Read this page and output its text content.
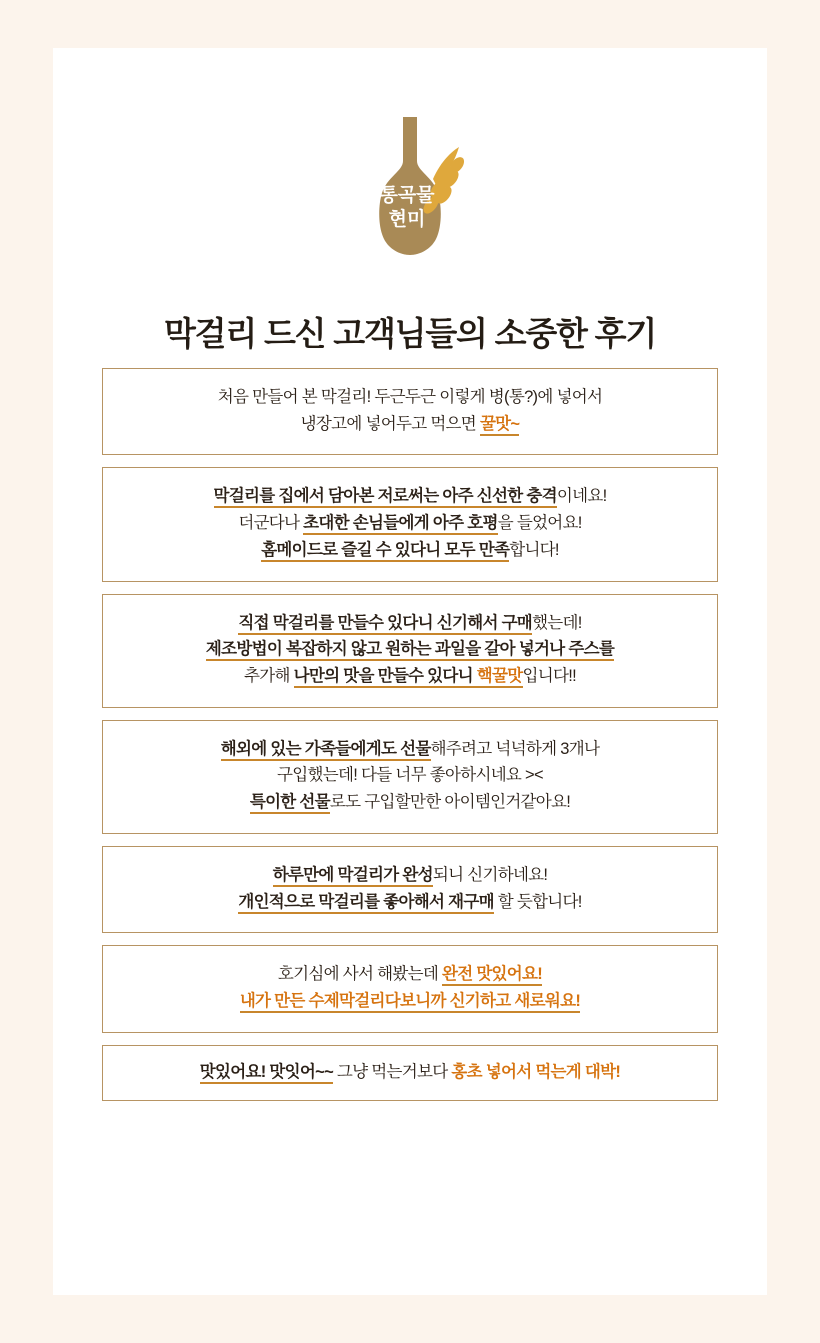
통곡물
현미
막걸리 드신 고객님들의 소중한 후기

처음 만들어 본 막걸리! 두근두근 이렇게 병(통?)에 넣어서

냉장고에 넣어두고 먹으면 꿀맛~

막걸리를 집에서 담아본 저로써는 아주 신선한 충격이네요!

더군다나 초대한 손님들에게 아주 호평을 들었어요!

홈메이드로 즐길 수 있다니 모두 만족합니다!

직접 막걸리를 만들수 있다니 신기해서 구매했는데!

제조방법이 복잡하지 않고 원하는 과일을 갈아 넣거나 주스를

추가해 나만의 맛을 만들수 있다니 핵꿀맛입니다!!

해외에 있는 가족들에게도 선물해주려고 넉넉하게 3개나

구입했는데! 다들 너무 좋아하시네요 ><

특이한 선물로도 구입할만한 아이템인거같아요!

하루만에 막걸리가 완성되니 신기하네요!

개인적으로 막걸리를 좋아해서 재구매 할 듯합니다!

호기심에 사서 해봤는데 완전 맛있어요!

내가 만든 수제막걸리다보니까 신기하고 새로워요!

맛있어요! 맛잇어~~ 그냥 먹는거보다 홍초 넣어서 먹는게 대박!
